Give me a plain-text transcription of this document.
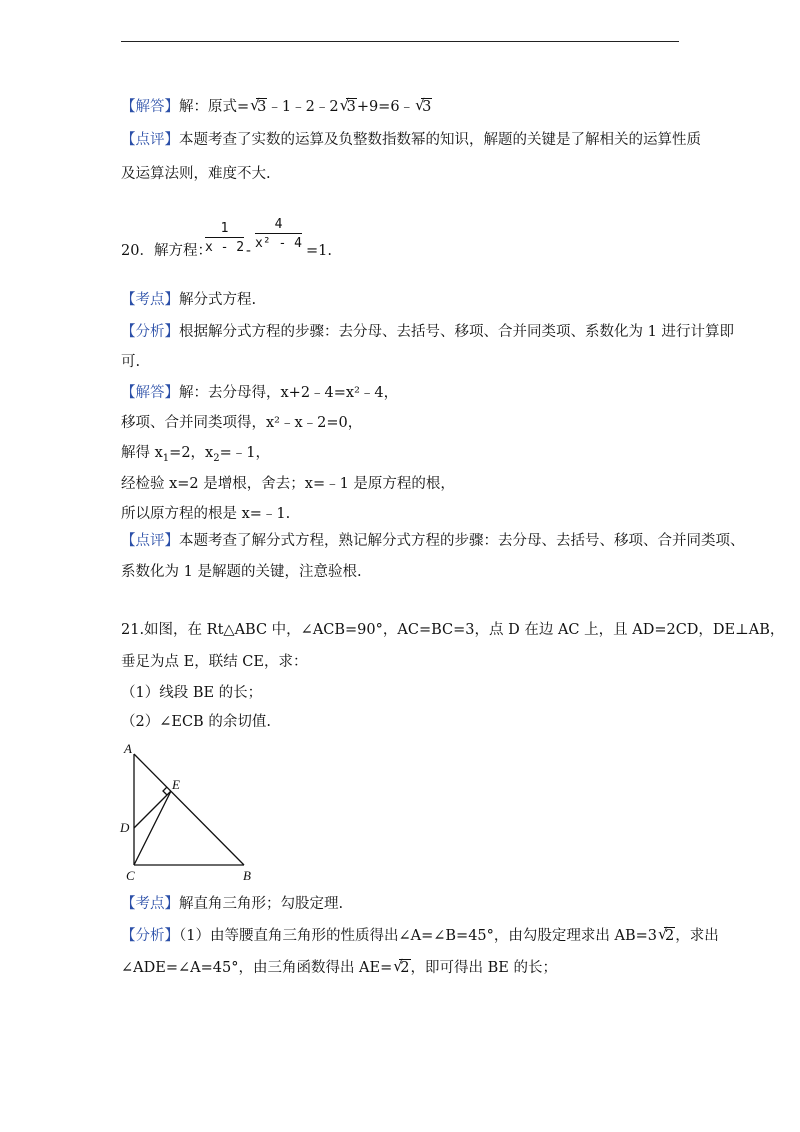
【解答】解：原式= √
3﹣1﹣2﹣2 √
3+9=6﹣ √
3
【点评】本题考查了实数的运算及负整数指数幂的知识，解题的关键是了解相关的运算性质
及运算法则，难度不大.
20．解方程：
$\frac{1}{x - 2} - \frac{4}{\text{x² - 4}} =1$.
【考点】解分式方程.
【分析】根据解分式方程的步骤：去分母、去括号、移项、合并同类项、系数化为 1 进行计算即
可.
【解答】解：去分母得，x+2﹣4=x²﹣4，
移项、合并同类项得，x²﹣x﹣2=0，
解得 $x_1=2$，$x_2=﹣1$，
经检验 x=2 是增根，舍去；x=﹣1 是原方程的根，
所以原方程的根是 x=﹣1.
【点评】本题考查了解分式方程，熟记解分式方程的步骤：去分母、去括号、移项、合并同类项、
系数化为 1 是解题的关键，注意验根.
21.如图，在 Rt△ABC 中，∠ACB=90°，AC=BC=3，点 D 在边 AC 上，且 AD=2CD，DE⊥AB，
垂足为点 E，联结 CE，求：
（1）线段 BE 的长；
（2）∠ECB 的余切值.
A
E
D
C	B
【考点】解直角三角形；勾股定理.
【分析】（1）由等腰直角三角形的性质得出∠A=∠B=45°，由勾股定理求出 AB=3 √
2，求出
∠ADE=∠A=45°，由三角函数得出 AE= √
2，即可得出 BE 的长；
